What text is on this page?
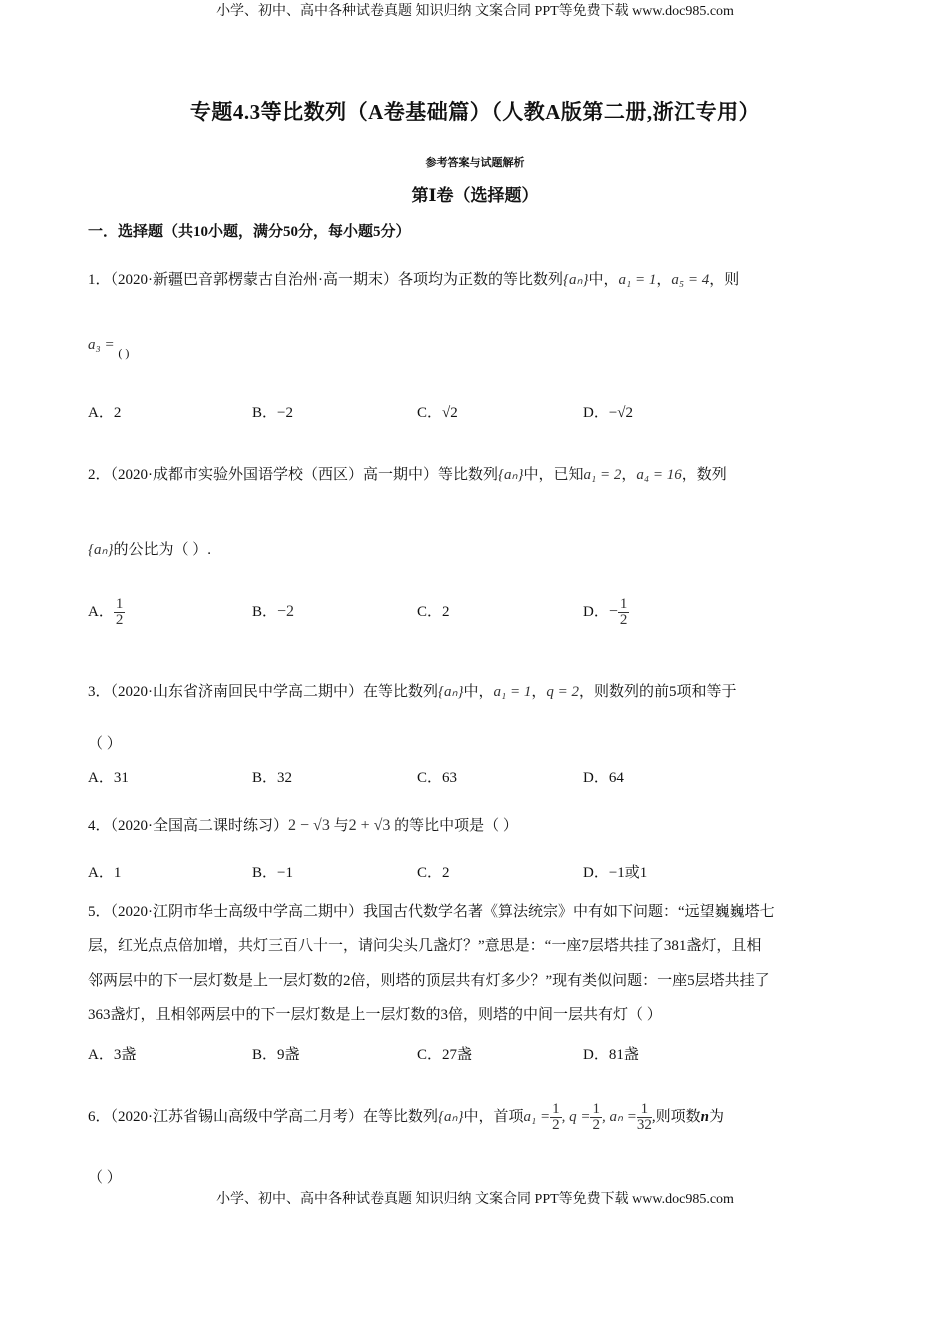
小学、初中、高中各种试卷真题 知识归纳 文案合同 PPT等免费下载 www.doc985.com
专题4.3等比数列（A卷基础篇）（人教A版第二册,浙江专用）
参考答案与试题解析
第Ⅰ卷（选择题）
一．选择题（共10小题，满分50分，每小题5分）
1．（2020·新疆巴音郭楞蒙古自治州·高一期末）各项均为正数的等比数列{aₙ}中，a₁ = 1，a₅ = 4，则
a₃ = $_{( )}$
A．2	B．−2	C．√2	D．−√2
2．（2020·成都市实验外国语学校（西区）高一期中）等比数列{aₙ}中，已知a₁ = 2，a₄ = 16，数列
{aₙ}的公比为（ ）.
A． $\frac{1}{2}$	B．−2	C．2	D．− $\frac{1}{2}$
3．（2020·山东省济南回民中学高二期中）在等比数列{aₙ}中，a₁ = 1，q = 2，则数列的前5项和等于
（ ）
A．31	B．32	C．63	D．64
4．（2020·全国高二课时练习）2 − √3 与2 + √3 的等比中项是（ ）
A．1	B．−1	C．2	D．−1或1
5．（2020·江阴市华士高级中学高二期中）我国古代数学名著《算法统宗》中有如下问题：“远望巍巍塔七
层，红光点点倍加增，共灯三百八十一，请问尖头几盏灯？”意思是：“一座7层塔共挂了381盏灯，且相
邻两层中的下一层灯数是上一层灯数的2倍，则塔的顶层共有灯多少？”现有类似问题：一座5层塔共挂了
363盏灯，且相邻两层中的下一层灯数是上一层灯数的3倍，则塔的中间一层共有灯（ ）
A．3盏	B．9盏	C．27盏	D．81盏
6．（2020·江苏省锡山高级中学高二月考）在等比数列{aₙ}中，首项$a_1 = \frac{1}{2}$ , $q = \frac{1}{2}$ , $a_n = \frac{1}{32}$ ,则项数n为
（ ）
小学、初中、高中各种试卷真题 知识归纳 文案合同 PPT等免费下载 www.doc985.com
